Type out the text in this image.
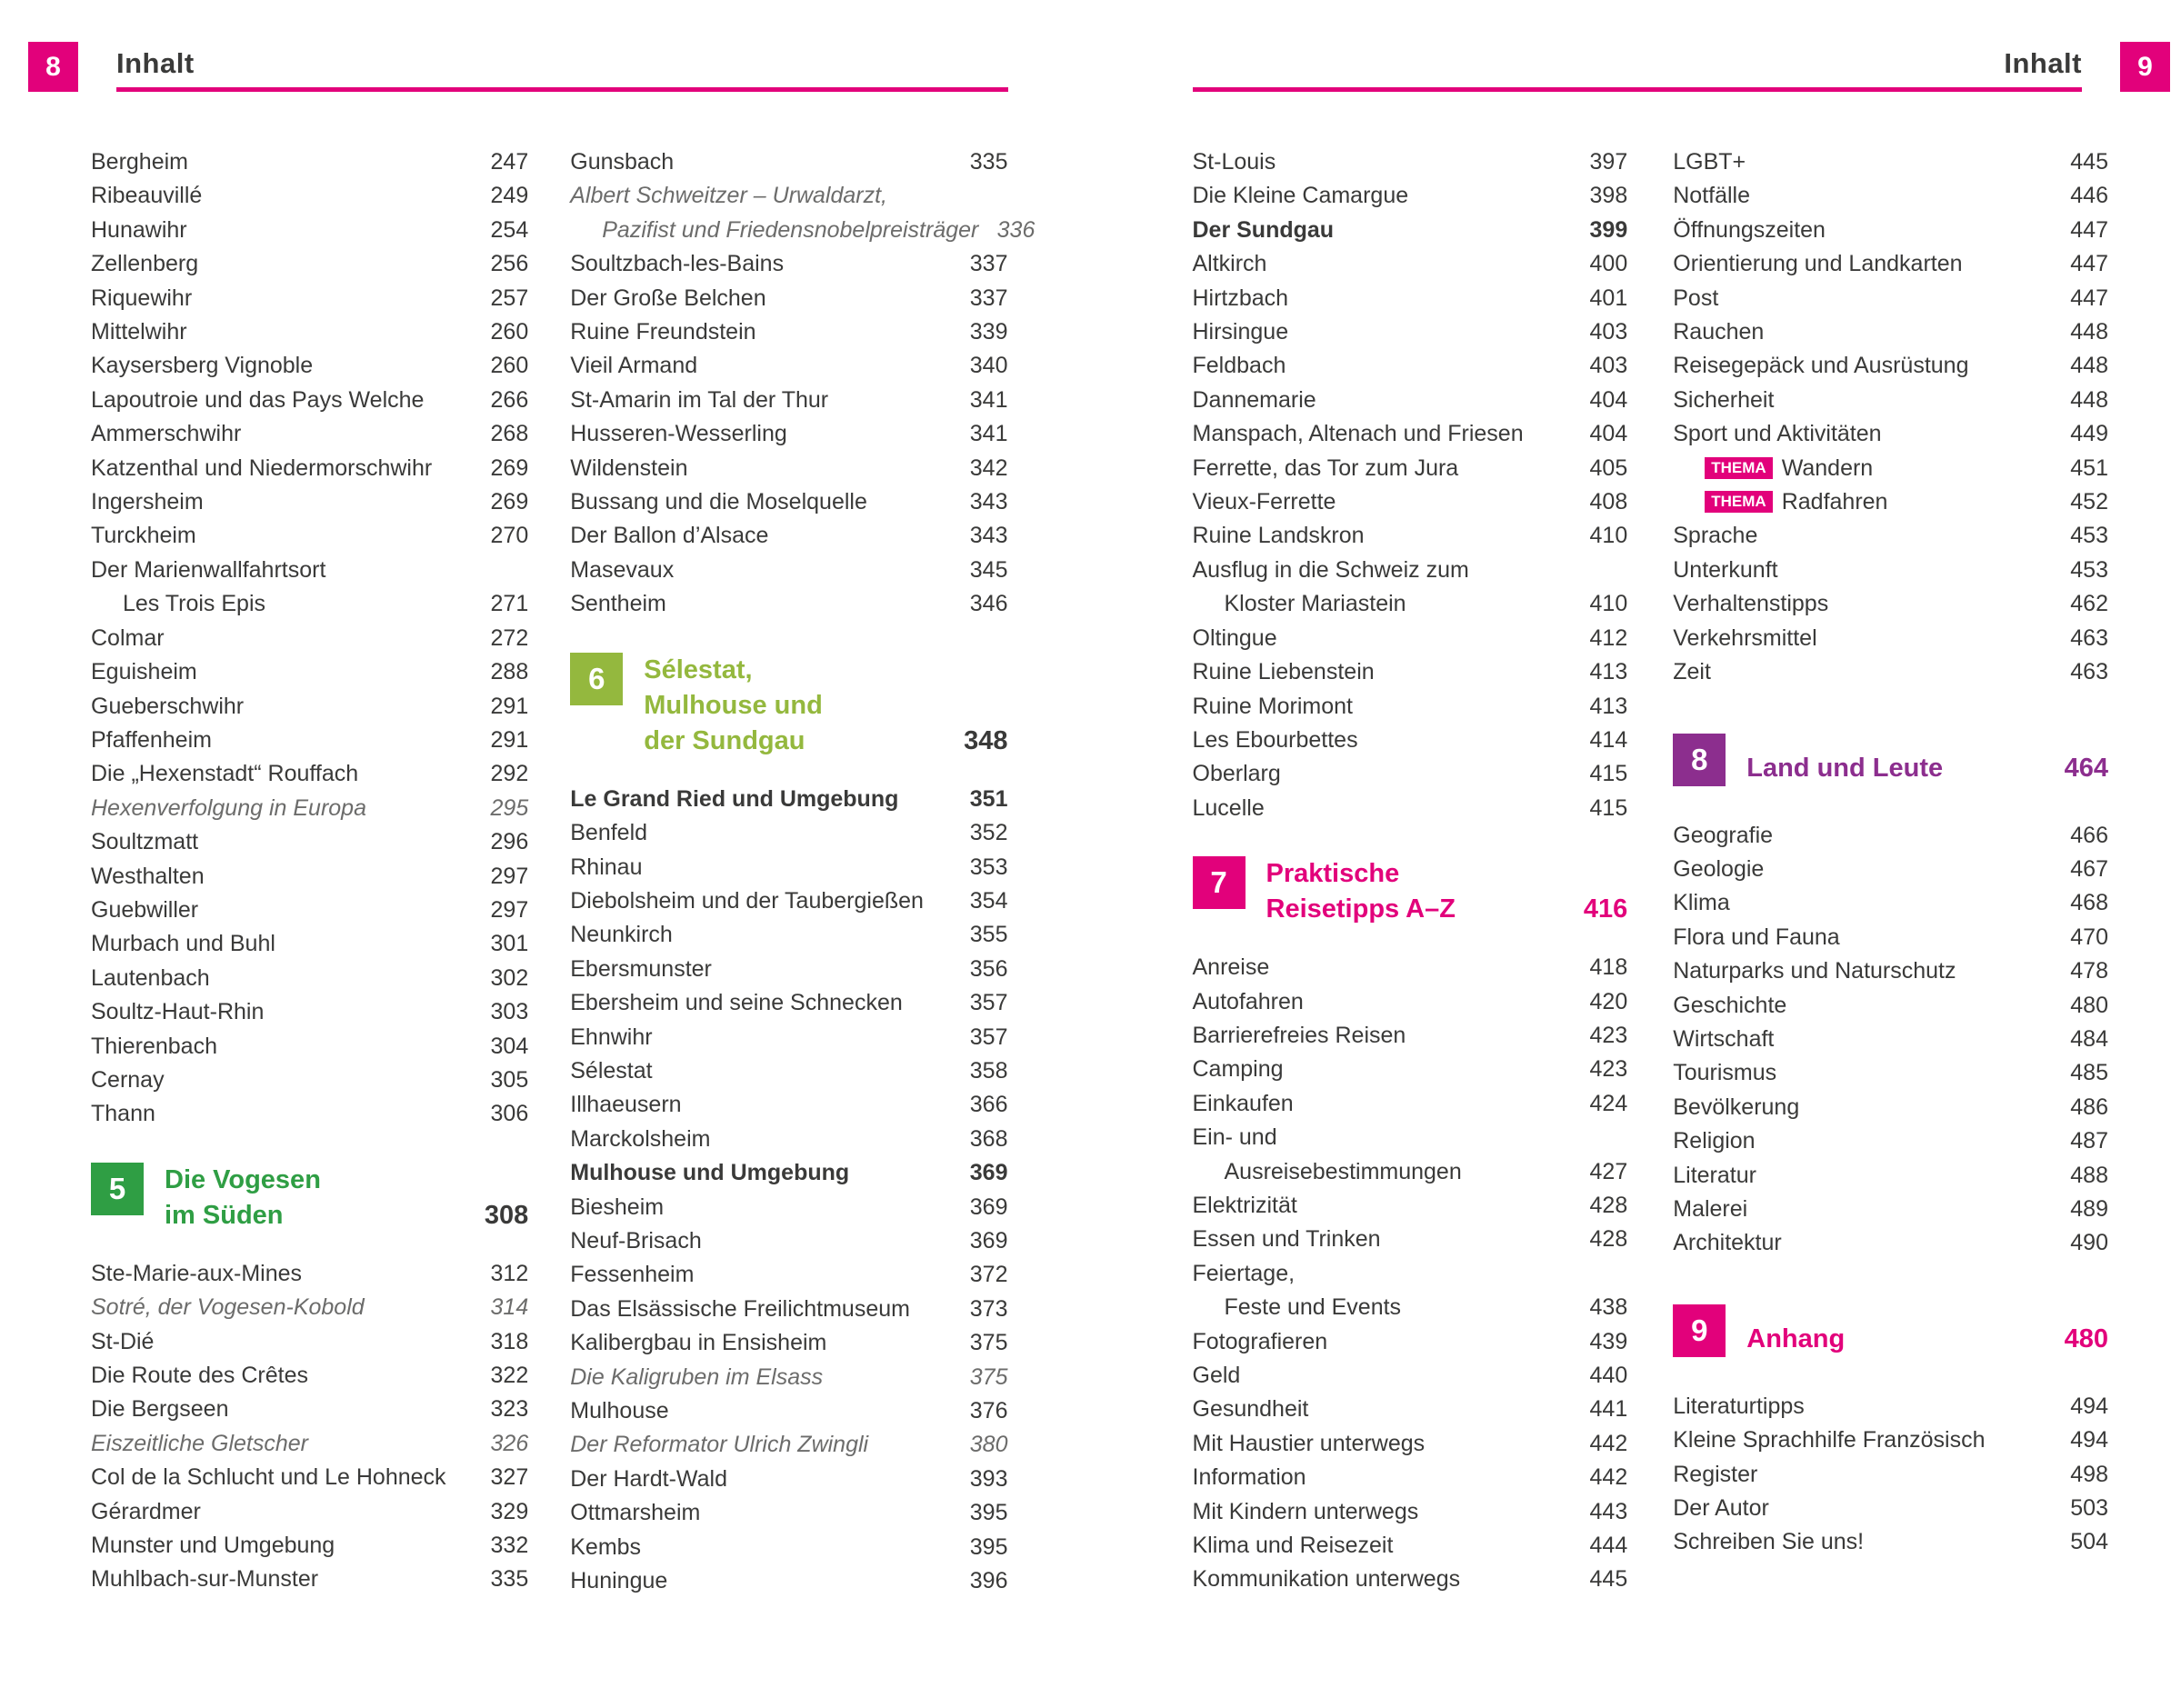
8	Inhalt
Bergheim	247
Ribeauvillé	249
Hunawihr	254
Zellenberg	256
Riquewihr	257
Mittelwihr	260
Kaysersberg Vignoble	260
Lapoutroie und das Pays Welche	266
Ammerschwihr	268
Katzenthal und Niedermorschwihr	269
Ingersheim	269
Turckheim	270
Der Marienwallfahrtsort
Les Trois Epis	271
Colmar	272
Eguisheim	288
Gueberschwihr	291
Pfaffenheim	291
Die „Hexenstadt“ Rouffach	292
Hexenverfolgung in Europa	295
Soultzmatt	296
Westhalten	297
Guebwiller	297
Murbach und Buhl	301
Lautenbach	302
Soultz-Haut-Rhin	303
Thierenbach	304
Cernay	305
Thann	306
5	Die Vogesen
im Süden	308
Ste-Marie-aux-Mines	312
Sotré, der Vogesen-Kobold	314
St-Dié	318
Die Route des Crêtes	322
Die Bergseen	323
Eiszeitliche Gletscher	326
Col de la Schlucht und Le Hohneck	327
Gérardmer	329
Munster und Umgebung	332
Muhlbach-sur-Munster	335
Gunsbach	335
Albert Schweitzer – Urwaldarzt,
Pazifist und Friedensnobelpreisträger 336
Soultzbach-les-Bains	337
Der Große Belchen	337
Ruine Freundstein	339
Vieil Armand	340
St-Amarin im Tal der Thur	341
Husseren-Wesserling	341
Wildenstein	342
Bussang und die Moselquelle	343
Der Ballon d’Alsace	343
Masevaux	345
Sentheim	346
6	Sélestat,
Mulhouse und
der Sundgau	348
Le Grand Ried und Umgebung	351
Benfeld	352
Rhinau	353
Diebolsheim und der Taubergießen	354
Neunkirch	355
Ebersmunster	356
Ebersheim und seine Schnecken	357
Ehnwihr	357
Sélestat	358
Illhaeusern	366
Marckolsheim	368
Mulhouse und Umgebung	369
Biesheim	369
Neuf-Brisach	369
Fessenheim	372
Das Elsässische Freilichtmuseum	373
Kalibergbau in Ensisheim	375
Die Kaligruben im Elsass	375
Mulhouse	376
Der Reformator Ulrich Zwingli	380
Der Hardt-Wald	393
Ottmarsheim	395
Kembs	395
Huningue	396
Inhalt	9
St-Louis	397
Die Kleine Camargue	398
Der Sundgau	399
Altkirch	400
Hirtzbach	401
Hirsingue	403
Feldbach	403
Dannemarie	404
Manspach, Altenach und Friesen	404
Ferrette, das Tor zum Jura	405
Vieux-Ferrette	408
Ruine Landskron	410
Ausflug in die Schweiz zum
Kloster Mariastein	410
Oltingue	412
Ruine Liebenstein	413
Ruine Morimont	413
Les Ebourbettes	414
Oberlarg	415
Lucelle	415
7	Praktische
Reisetipps A–Z	416
Anreise	418
Autofahren	420
Barrierefreies Reisen	423
Camping	423
Einkaufen	424
Ein- und
Ausreisebestimmungen	427
Elektrizität	428
Essen und Trinken	428
Feiertage,
Feste und Events	438
Fotografieren	439
Geld	440
Gesundheit	441
Mit Haustier unterwegs	442
Information	442
Mit Kindern unterwegs	443
Klima und Reisezeit	444
Kommunikation unterwegs	445
LGBT+	445
Notfälle	446
Öffnungszeiten	447
Orientierung und Landkarten	447
Post	447
Rauchen	448
Reisegepäck und Ausrüstung	448
Sicherheit	448
Sport und Aktivitäten	449
THEMA Wandern	451
THEMA Radfahren	452
Sprache	453
Unterkunft	453
Verhaltenstipps	462
Verkehrsmittel	463
Zeit	463
8	Land und Leute	464
Geografie	466
Geologie	467
Klima	468
Flora und Fauna	470
Naturparks und Naturschutz	478
Geschichte	480
Wirtschaft	484
Tourismus	485
Bevölkerung	486
Religion	487
Literatur	488
Malerei	489
Architektur	490
9	Anhang	480
Literaturtipps	494
Kleine Sprachhilfe Französisch	494
Register	498
Der Autor	503
Schreiben Sie uns!	504
